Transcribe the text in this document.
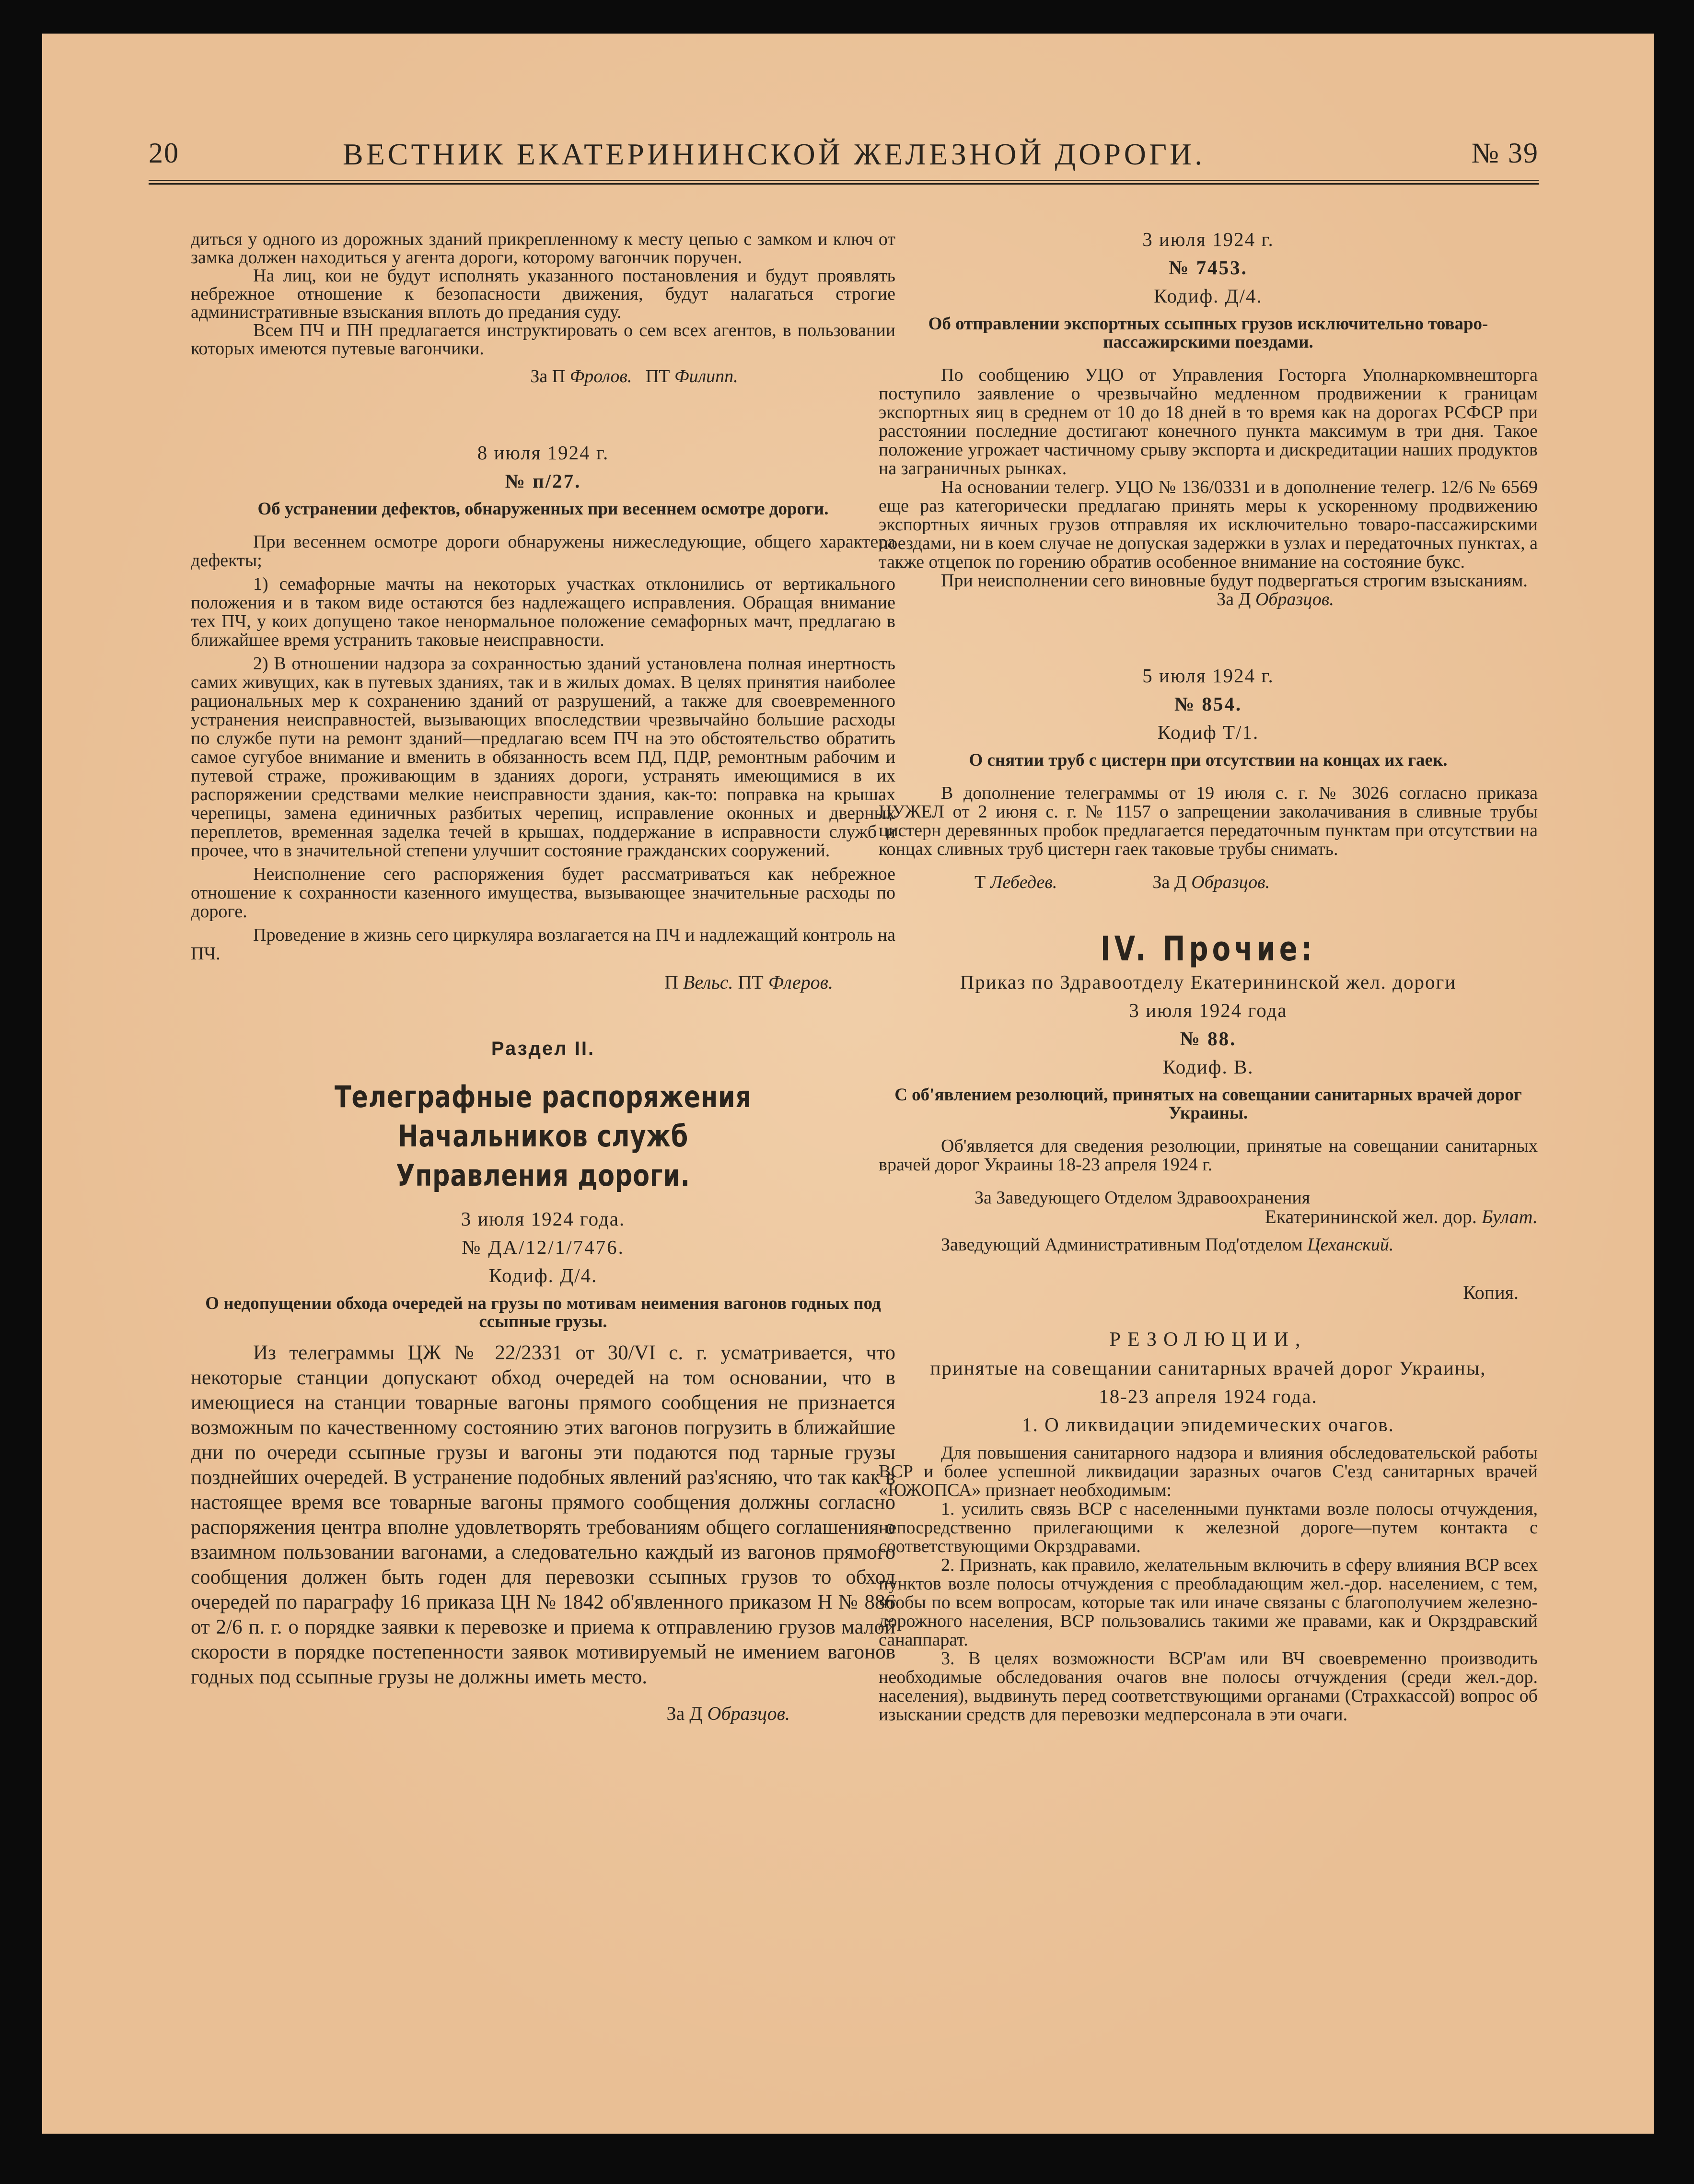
20	ВЕСТНИК ЕКАТЕРИНИНСКОЙ ЖЕЛЕЗНОЙ ДОРОГИ.	№ 39

диться у одного из дорожных зданий прикрепленному к месту цепью с замком и ключ от замка должен находиться у агента дороги, которому вагончик поручен.

На лиц, кои не будут исполнять указанного постановления и будут проявлять небрежное отношение к безопасности движения, будут налагаться строгие административные взыскания вплоть до предания суду.

Всем ПЧ и ПН предлагается инструктировать о сем всех агентов, в пользовании которых имеются путевые вагончики.

За П Фролов. ПТ Филипп.

8 июля 1924 г.

№ п/27.

Об устранении дефектов, обнаруженных при весеннем осмотре дороги.

При весеннем осмотре дороги обнаружены нижеследующие, общего характера дефекты;

1) семафорные мачты на некоторых участках отклонились от вертикального положения и в таком виде остаются без надлежащего исправления. Обращая внимание тех ПЧ, у коих допущено такое ненормальное положение семафорных мачт, предлагаю в ближайшее время устранить таковые неисправности.

2) В отношении надзора за сохранностью зданий установлена полная инертность самих живущих, как в путевых зданиях, так и в жилых домах. В целях принятия наиболее рациональных мер к сохранению зданий от разрушений, а также для своевременного устранения неисправностей, вызывающих впоследствии чрезвычайно большие расходы по службе пути на ремонт зданий—предлагаю всем ПЧ на это обстоятельство обратить самое сугубое внимание и вменить в обязанность всем ПД, ПДР, ремонтным рабочим и путевой страже, проживающим в зданиях дороги, устранять имеющимися в их распоряжении средствами мелкие неисправности здания, как-то: поправка на крышах черепицы, замена единичных разбитых черепиц, исправление оконных и дверных переплетов, временная заделка течей в крышах, поддержание в исправности служб и прочее, что в значительной степени улучшит состояние гражданских сооружений.

Неисполнение сего распоряжения будет рассматриваться как небрежное отношение к сохранности казенного имущества, вызывающее значительные расходы по дороге.

Проведение в жизнь сего циркуляра возлагается на ПЧ и надлежащий контроль на ПЧ.

П Вельс. ПТ Флеров.

Раздел II.

Телеграфные распоряжения Начальников служб
Управления дороги.

3 июля 1924 года.

№ ДА/12/1/7476.

Кодиф. Д/4.

О недопущении обхода очередей на грузы по мотивам неимения вагонов годных под ссыпные грузы.

Из телеграммы ЦЖ № 22/2331 от 30/VI с. г. усматривается, что некоторые станции допускают обход очередей на том основании, что в имеющиеся на станции товарные вагоны прямого сообщения не признается возможным по качественному состоянию этих вагонов погрузить в ближайшие дни по очереди ссыпные грузы и вагоны эти подаются под тарные грузы позднейших очередей. В устранение подобных явлений раз'ясняю, что так как в настоящее время все товарные вагоны прямого сообщения должны согласно распоряжения центра вполне удовлетворять требованиям общего соглашения о взаимном пользовании вагонами, а следовательно каждый из вагонов прямого сообщения должен быть годен для перевозки ссыпных грузов то обход очередей по параграфу 16 приказа ЦН № 1842 об'явленного приказом Н № 886 от 2/6 п. г. о порядке заявки к перевозке и приема к отправлению грузов малой скорости в порядке постепенности заявок мотивируемый не имением вагонов годных под ссыпные грузы не должны иметь место.

За Д Образцов.

3 июля 1924 г.

№ 7453.

Кодиф. Д/4.

Об отправлении экспортных ссыпных грузов исключительно товаро-пассажирскими поездами.

По сообщению УЦО от Управления Госторга Уполнаркомвнешторга поступило заявление о чрезвычайно медленном продвижении к границам экспортных яиц в среднем от 10 до 18 дней в то время как на дорогах РСФСР при расстоянии последние достигают конечного пункта максимум в три дня. Такое положение угрожает частичному срыву экспорта и дискредитации наших продуктов на заграничных рынках.

На основании телегр. УЦО № 136/0331 и в дополнение телегр. 12/6 № 6569 еще раз категорически предлагаю принять меры к ускоренному продвижению экспортных яичных грузов отправляя их исключительно товаро-пассажирскими поездами, ни в коем случае не допуская задержки в узлах и передаточных пунктах, а также отцепок по горению обратив особенное внимание на состояние букс.

При неисполнении сего виновные будут подвергаться строгим взысканиям.

За Д Образцов.

5 июля 1924 г.

№ 854.

Кодиф Т/1.

О снятии труб с цистерн при отсутствии на концах их гаек.

В дополнение телеграммы от 19 июля с. г. № 3026 согласно приказа ЦУЖЕЛ от 2 июня с. г. № 1157 о запрещении заколачивания в сливные трубы цистерн деревянных пробок предлагается передаточным пунктам при отсутствии на концах сливных труб цистерн гаек таковые трубы снимать.

Т Лебедев.	За Д Образцов.

IV. Прочие:

Приказ по Здравоотделу Екатерининской жел. дороги

3 июля 1924 года

№ 88.

Кодиф. В.

С об'явлением резолюций, принятых на совещании санитарных врачей дорог Украины.

Об'является для сведения резолюции, принятые на совещании санитарных врачей дорог Украины 18-23 апреля 1924 г.

За Заведующего Отделом Здравоохранения

Екатерининской жел. дор. Булат.

Заведующий Административным Под'отделом Цеханский.

Копия.

РЕЗОЛЮЦИИ,

принятые на совещании санитарных врачей дорог Украины,

18-23 апреля 1924 года.

1. О ликвидации эпидемических очагов.

Для повышения санитарного надзора и влияния обследовательской работы ВСР и более успешной ликвидации заразных очагов С'езд санитарных врачей «ЮЖОПСА» признает необходимым:

1. усилить связь ВСР с населенными пунктами возле полосы отчуждения, непосредственно прилегающими к железной дороге—путем контакта с соответствующими Окрздравами.

2. Признать, как правило, желательным включить в сферу влияния ВСР всех пунктов возле полосы отчуждения с преобладающим жел.-дор. населением, с тем, чтобы по всем вопросам, которые так или иначе связаны с благополучием железно-дорожного населения, ВСР пользовались такими же правами, как и Окрздравский санаппарат.

3. В целях возможности ВСР'ам или ВЧ своевременно производить необходимые обследования очагов вне полосы отчуждения (среди жел.-дор. населения), выдвинуть перед соответствующими органами (Страхкассой) вопрос об изыскании средств для перевозки медперсонала в эти очаги.
